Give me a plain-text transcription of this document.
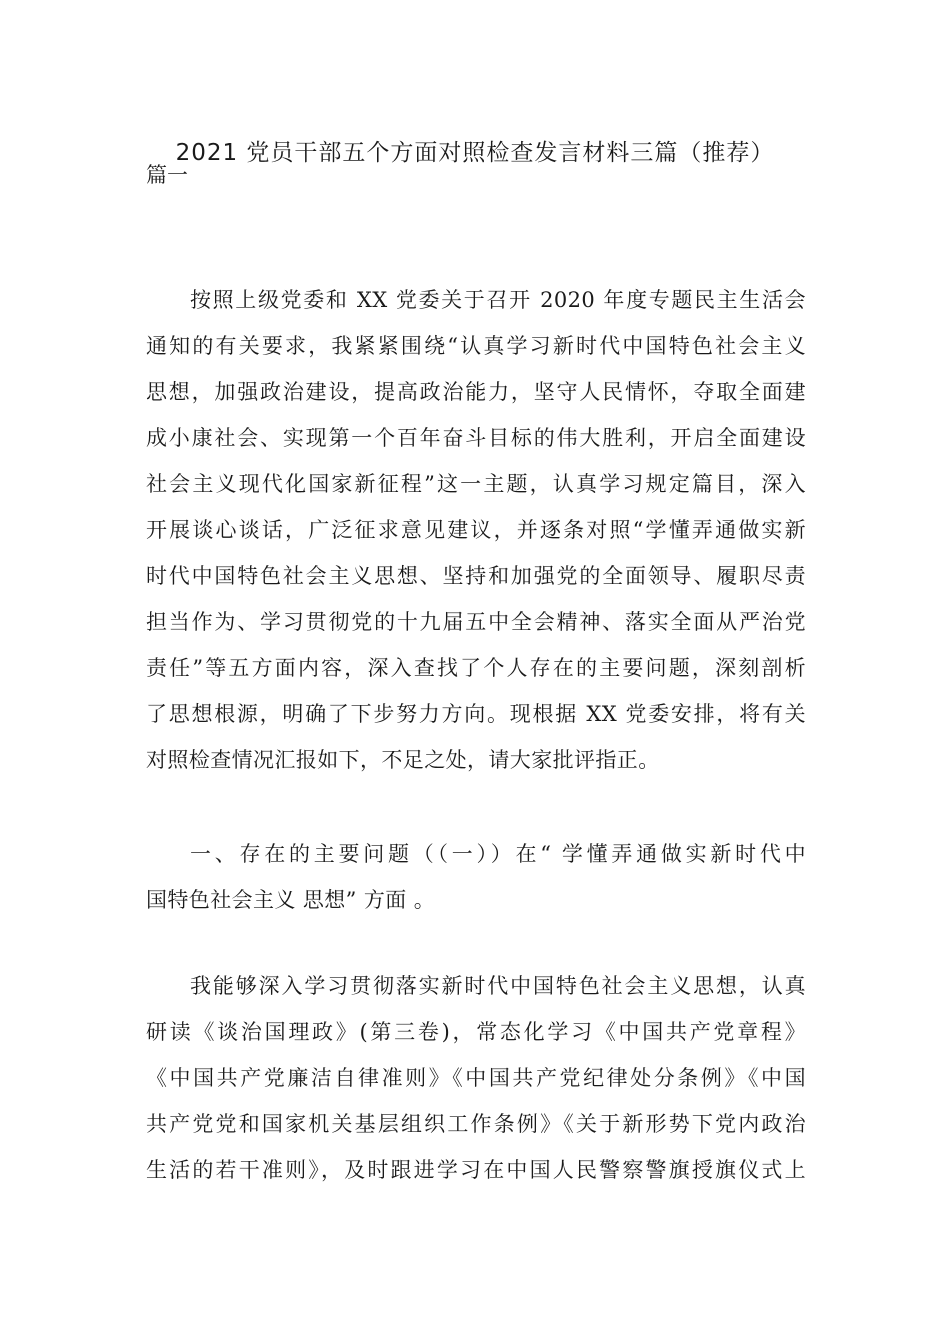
2021 党员干部五个方面对照检查发言材料三篇（推荐）
篇一
按照上级党委和 XX 党委关于召开 2020 年度专题民主生活会
通知的有关要求，我紧紧围绕“认真学习新时代中国特色社会主义
思想，加强政治建设，提高政治能力，坚守人民情怀，夺取全面建
成小康社会、实现第一个百年奋斗目标的伟大胜利，开启全面建设
社会主义现代化国家新征程”这一主题，认真学习规定篇目，深入
开展谈心谈话，广泛征求意见建议，并逐条对照“学懂弄通做实新
时代中国特色社会主义思想、坚持和加强党的全面领导、履职尽责
担当作为、学习贯彻党的十九届五中全会精神、落实全面从严治党
责任”等五方面内容，深入查找了个人存在的主要问题，深刻剖析
了思想根源，明确了下步努力方向。现根据 XX 党委安排，将有关
对照检查情况汇报如下，不足之处，请大家批评指正。
一、存在的主要问题（（一））在“ 学懂弄通做实新时代中
国特色社会主义 思想” 方面 。
我能够深入学习贯彻落实新时代中国特色社会主义思想，认真
研读《谈治国理政》(第三卷)，常态化学习《中国共产党章程》
《中国共产党廉洁自律准则》《中国共产党纪律处分条例》《中国
共产党党和国家机关基层组织工作条例》《关于新形势下党内政治
生活的若干准则》，及时跟进学习在中国人民警察警旗授旗仪式上
